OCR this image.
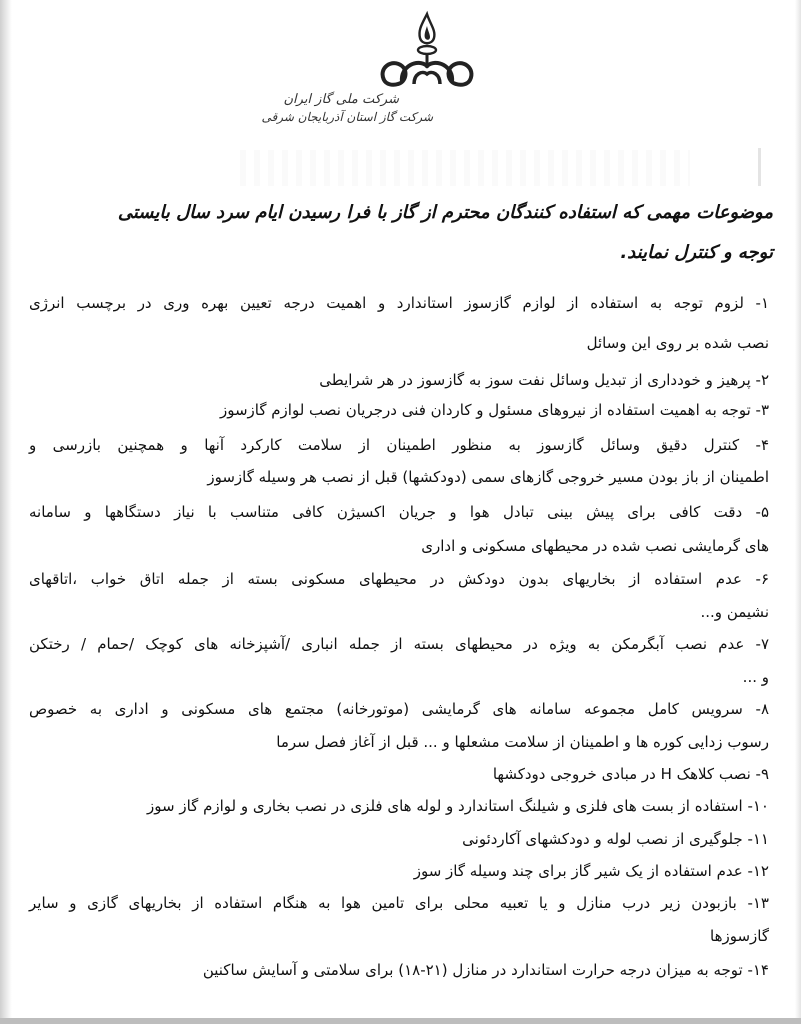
شرکت ملی گاز ایران
شرکت گاز استان آذربایجان شرقی
موضوعات مهمی که استفاده کنندگان محترم از گاز با فرا رسیدن ایام سرد سال بایستی
توجه و کنترل نمایند.
۱- لزوم توجه به استفاده از لوازم گازسوز استاندارد و اهمیت درجه تعیین بهره وری در برچسب انرژی
نصب شده بر روی این وسائل
۲- پرهیز و خودداری از تبدیل وسائل نفت سوز به گازسوز در هر شرایطی
۳- توجه به اهمیت استفاده از نیروهای مسئول و کاردان فنی درجریان نصب لوازم گازسوز
۴- کنترل دقیق وسائل گازسوز به منظور اطمینان از سلامت کارکرد آنها و همچنین بازرسی و
اطمینان از باز بودن مسیر خروجی گازهای سمی (دودکشها) قبل از نصب هر وسیله گازسوز
۵- دقت کافی برای پیش بینی تبادل هوا و جریان اکسیژن کافی متناسب با نیاز دستگاهها و سامانه
های گرمایشی نصب شده در محیطهای مسکونی و اداری
۶- عدم استفاده از بخاریهای بدون دودکش در محیطهای مسکونی بسته از جمله اتاق خواب ،اتاقهای
نشیمن و...
۷- عدم نصب آبگرمکن به ویژه در محیطهای بسته از جمله انباری /آشپزخانه های کوچک /حمام / رختکن
و ...
۸- سرویس کامل مجموعه سامانه های گرمایشی (موتورخانه) مجتمع های مسکونی و اداری به خصوص
رسوب زدایی کوره ها و اطمینان از سلامت مشعلها و ... قبل از آغاز فصل سرما
۹- نصب کلاهک H در مبادی خروجی دودکشها
۱۰- استفاده از بست های فلزی و شیلنگ استاندارد و لوله های فلزی در نصب بخاری و لوازم گاز سوز
۱۱- جلوگیری از نصب لوله و دودکشهای آکاردئونی
۱۲- عدم استفاده از یک شیر گاز برای چند وسیله گاز سوز
۱۳- بازبودن زیر درب منازل و یا تعبیه محلی برای تامین هوا به هنگام استفاده از بخاریهای گازی و سایر
گازسوزها
۱۴- توجه به میزان درجه حرارت استاندارد در منازل (۲۱-۱۸) برای سلامتی و آسایش ساکنین
